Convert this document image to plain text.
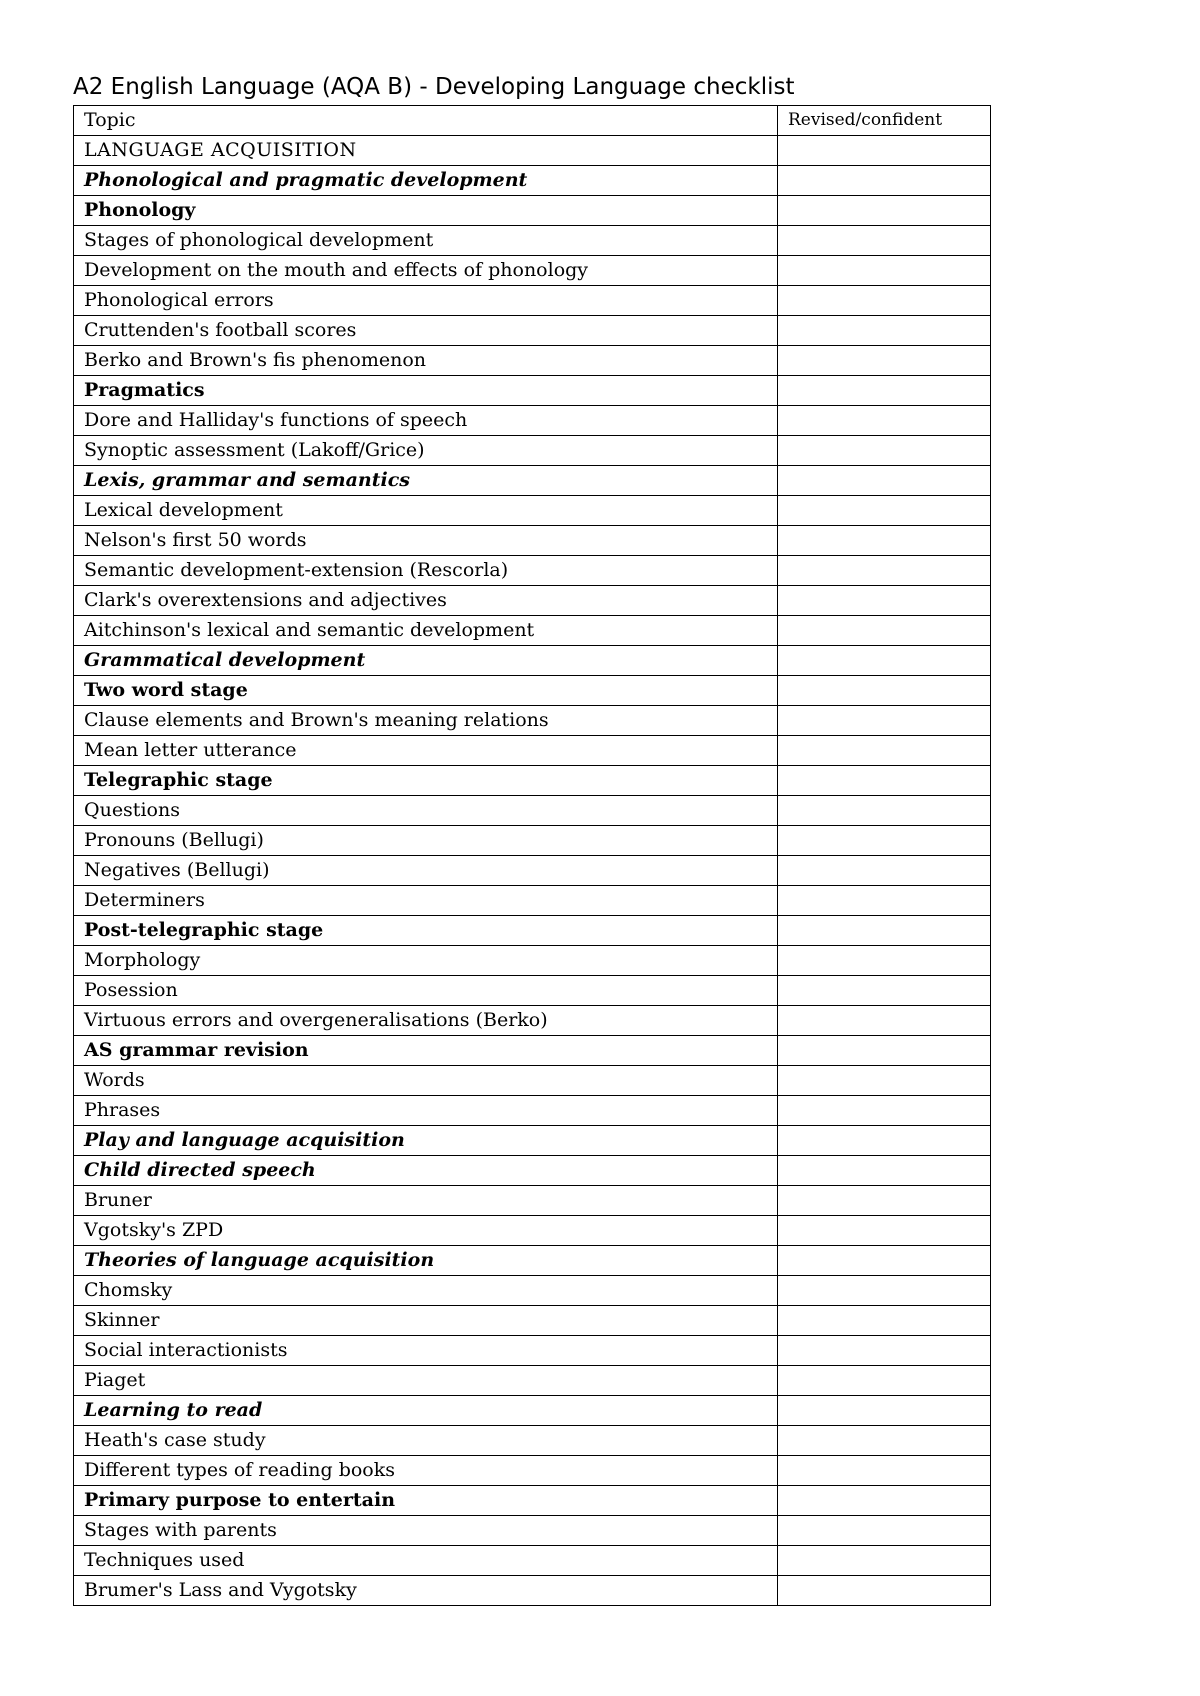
A2 English Language (AQA B) - Developing Language checklist
Topic	Revised/confident
LANGUAGE ACQUISITION	
Phonological and pragmatic development	
Phonology	
Stages of phonological development	
Development on the mouth and effects of phonology	
Phonological errors	
Cruttenden's football scores	
Berko and Brown's fis phenomenon	
Pragmatics	
Dore and Halliday's functions of speech	
Synoptic assessment (Lakoff/Grice)	
Lexis, grammar and semantics	
Lexical development	
Nelson's first 50 words	
Semantic development-extension (Rescorla)	
Clark's overextensions and adjectives	
Aitchinson's lexical and semantic development	
Grammatical development	
Two word stage	
Clause elements and Brown's meaning relations	
Mean letter utterance	
Telegraphic stage	
Questions	
Pronouns (Bellugi)	
Negatives (Bellugi)	
Determiners	
Post-telegraphic stage	
Morphology	
Posession	
Virtuous errors and overgeneralisations (Berko)	
AS grammar revision	
Words	
Phrases	
Play and language acquisition	
Child directed speech	
Bruner	
Vgotsky's ZPD	
Theories of language acquisition	
Chomsky	
Skinner	
Social interactionists	
Piaget	
Learning to read	
Heath's case study	
Different types of reading books	
Primary purpose to entertain	
Stages with parents	
Techniques used	
Brumer's Lass and Vygotsky	
